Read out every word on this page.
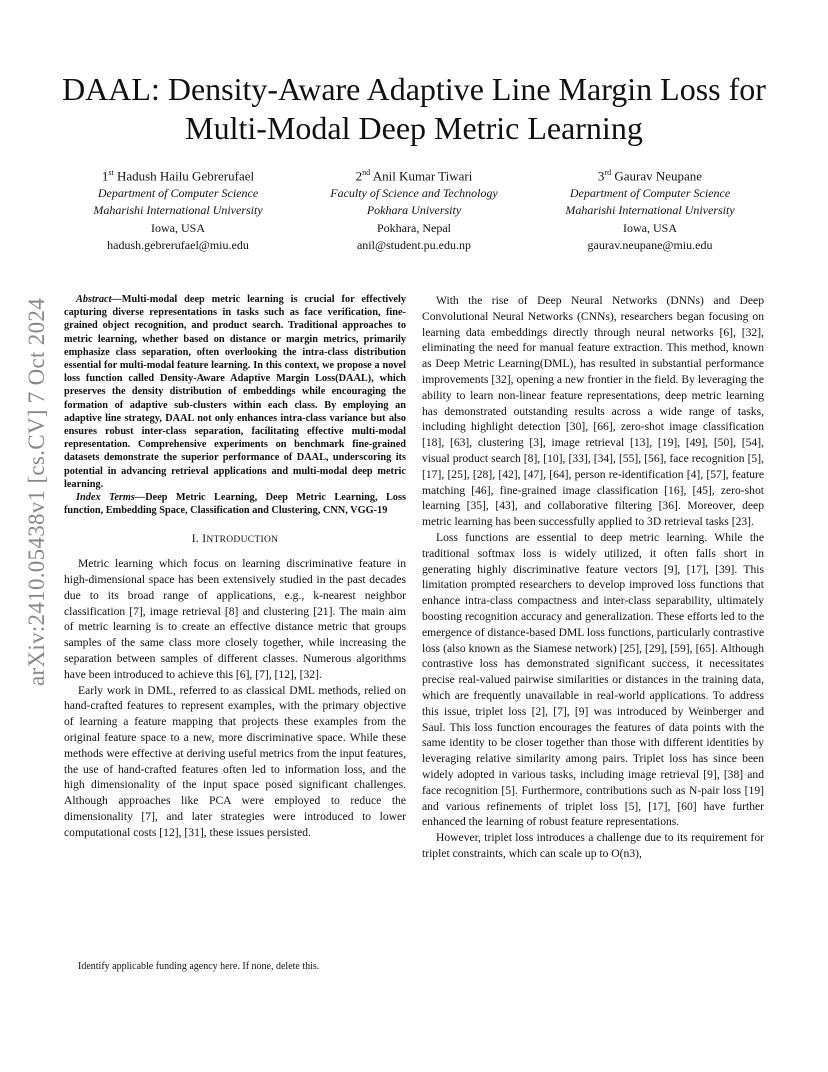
arXiv:2410.05438v1 [cs.CV] 7 Oct 2024
DAAL: Density-Aware Adaptive Line Margin Loss for Multi-Modal Deep Metric Learning
1st Hadush Hailu Gebrerufael
Department of Computer Science
Maharishi International University
Iowa, USA
hadush.gebrerufael@miu.edu
2nd Anil Kumar Tiwari
Faculty of Science and Technology
Pokhara University
Pokhara, Nepal
anil@student.pu.edu.np
3rd Gaurav Neupane
Department of Computer Science
Maharishi International University
Iowa, USA
gaurav.neupane@miu.edu

Abstract—Multi-modal deep metric learning is crucial for effectively capturing diverse representations in tasks such as face verification, fine-grained object recognition, and product search. Traditional approaches to metric learning, whether based on distance or margin metrics, primarily emphasize class separation, often overlooking the intra-class distribution essential for multi-modal feature learning. In this context, we propose a novel loss function called Density-Aware Adaptive Margin Loss(DAAL), which preserves the density distribution of embeddings while encouraging the formation of adaptive sub-clusters within each class. By employing an adaptive line strategy, DAAL not only enhances intra-class variance but also ensures robust inter-class separation, facilitating effective multi-modal representation. Comprehensive experiments on benchmark fine-grained datasets demonstrate the superior performance of DAAL, underscoring its potential in advancing retrieval applications and multi-modal deep metric learning.

Index Terms—Deep Metric Learning, Deep Metric Learning, Loss function, Embedding Space, Classification and Clustering, CNN, VGG-19

I. INTRODUCTION

Metric learning which focus on learning discriminative feature in high-dimensional space has been extensively studied in the past decades due to its broad range of applications, e.g., k-nearest neighbor classification [7], image retrieval [8] and clustering [21]. The main aim of metric learning is to create an effective distance metric that groups samples of the same class more closely together, while increasing the separation between samples of different classes. Numerous algorithms have been introduced to achieve this [6], [7], [12], [32].

Early work in DML, referred to as classical DML methods, relied on hand-crafted features to represent examples, with the primary objective of learning a feature mapping that projects these examples from the original feature space to a new, more discriminative space. While these methods were effective at deriving useful metrics from the input features, the use of hand-crafted features often led to information loss, and the high dimensionality of the input space posed significant challenges. Although approaches like PCA were employed to reduce the dimensionality [7], and later strategies were introduced to lower computational costs [12], [31], these issues persisted.

With the rise of Deep Neural Networks (DNNs) and Deep Convolutional Neural Networks (CNNs), researchers began focusing on learning data embeddings directly through neural networks [6], [32], eliminating the need for manual feature extraction. This method, known as Deep Metric Learning(DML), has resulted in substantial performance improvements [32], opening a new frontier in the field. By leveraging the ability to learn non-linear feature representations, deep metric learning has demonstrated outstanding results across a wide range of tasks, including highlight detection [30], [66], zero-shot image classification [18], [63], clustering [3], image retrieval [13], [19], [49], [50], [54], visual product search [8], [10], [33], [34], [55], [56], face recognition [5], [17], [25], [28], [42], [47], [64], person re-identification [4], [57], feature matching [46], fine-grained image classification [16], [45], zero-shot learning [35], [43], and collaborative filtering [36]. Moreover, deep metric learning has been successfully applied to 3D retrieval tasks [23].

Loss functions are essential to deep metric learning. While the traditional softmax loss is widely utilized, it often falls short in generating highly discriminative feature vectors [9], [17], [39]. This limitation prompted researchers to develop improved loss functions that enhance intra-class compactness and inter-class separability, ultimately boosting recognition accuracy and generalization. These efforts led to the emergence of distance-based DML loss functions, particularly contrastive loss (also known as the Siamese network) [25], [29], [59], [65]. Although contrastive loss has demonstrated significant success, it necessitates precise real-valued pairwise similarities or distances in the training data, which are frequently unavailable in real-world applications. To address this issue, triplet loss [2], [7], [9] was introduced by Weinberger and Saul. This loss function encourages the features of data points with the same identity to be closer together than those with different identities by leveraging relative similarity among pairs. Triplet loss has since been widely adopted in various tasks, including image retrieval [9], [38] and face recognition [5]. Furthermore, contributions such as N-pair loss [19] and various refinements of triplet loss [5], [17], [60] have further enhanced the learning of robust feature representations.

However, triplet loss introduces a challenge due to its requirement for triplet constraints, which can scale up to O(n3),

Identify applicable funding agency here. If none, delete this.
